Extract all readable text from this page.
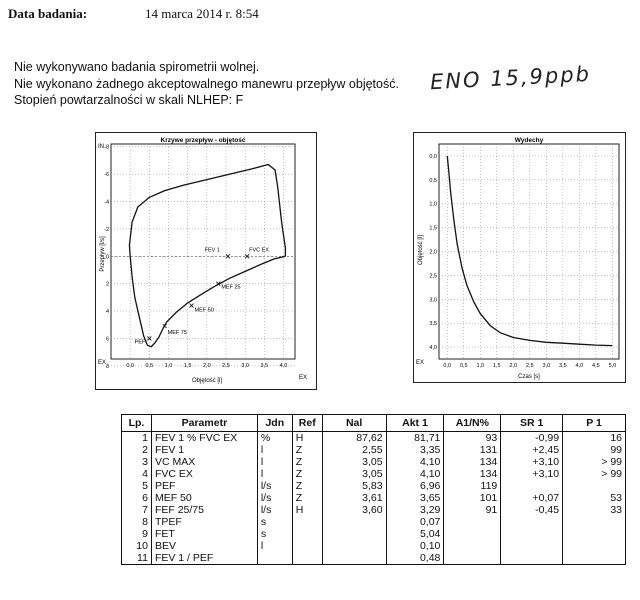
Data badania:	14 marca 2014 r. 8:54
Nie wykonywano badania spirometrii wolnej.
Nie wykonano żadnego akceptowalnego manewru przepływ objętość.
Stopień powtarzalności w skali NLHEP: F
ENO 15,9ppb
Krzywe przepływ - objętość
IN
EX
EX
Objętość [l]
Przepływ [l/s]
0,0 0,5 1,0 1,5 2,0 2,5 3,0 3,5 4,0
-8
-6
-4
-2
0
2
4
6
8
FEV 1	FVC EX
MEF 25
MEF 50
MEF 75
PEF
Wydechy
EX
Czas [s]
Objętość [l]
0,0 0,5 1,0 1,5 2,0 2,5 3,0 3,5 4,0 4,5 5,0
0,0
0,5
1,0
1,5
2,0
2,5
3,0
3,5
4,0
Lp.	Parametr	Jdn	Ref	Nal	Akt 1	A1/N%	SR 1	P 1
1	FEV 1 % FVC EX	%	H	87,62	81,71	93	-0,99	16
2	FEV 1	l	Z	2,55	3,35	131	+2,45	99
3	VC MAX	l	Z	3,05	4,10	134	+3,10	> 99
4	FVC EX	l	Z	3,05	4,10	134	+3,10	> 99
5	PEF	l/s	Z	5,83	6,96	119		
6	MEF 50	l/s	Z	3,61	3,65	101	+0,07	53
7	FEF 25/75	l/s	H	3,60	3,29	91	-0,45	33
8	TPEF	s			0,07			
9	FET	s			5,04			
10	BEV	l			0,10			
11	FEV 1 / PEF				0,48			
